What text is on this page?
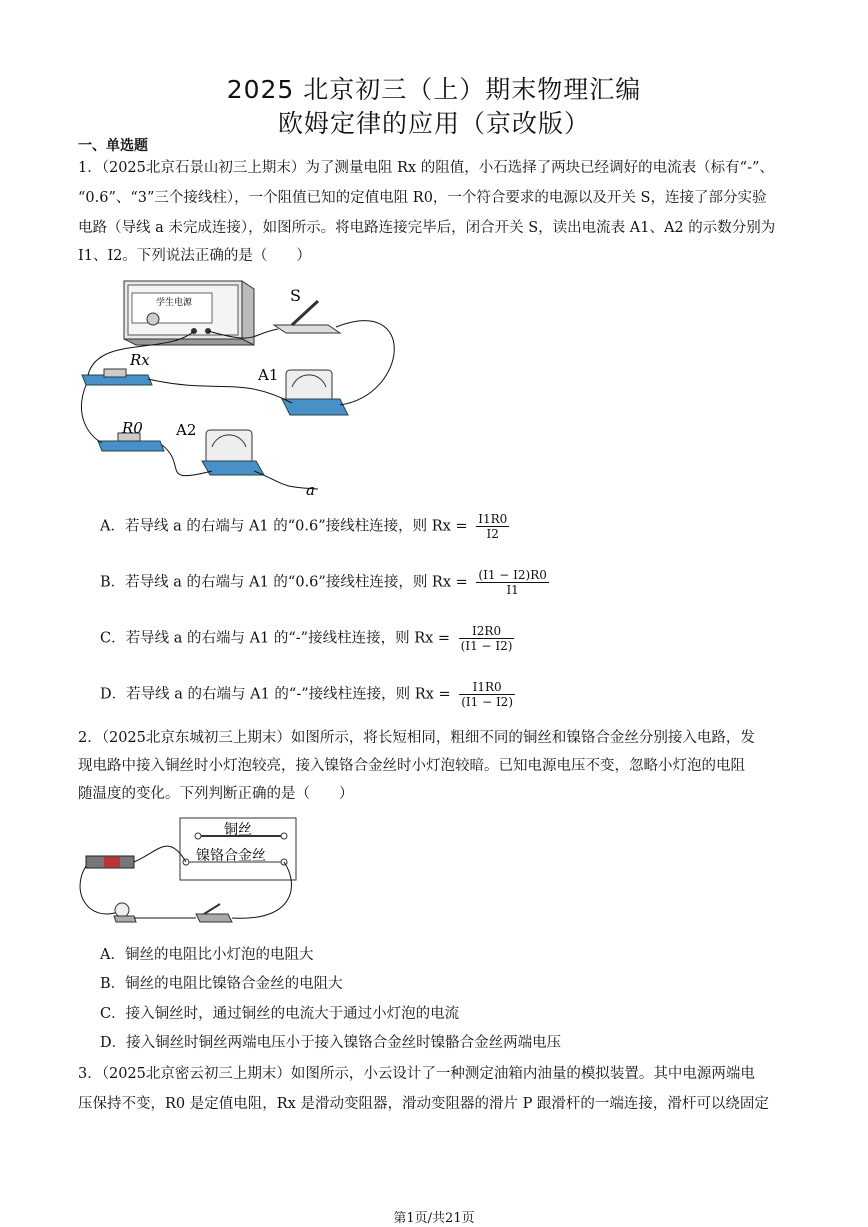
2025 北京初三（上）期末物理汇编
欧姆定律的应用（京改版）
一、单选题
1．（2025北京石景山初三上期末）为了测量电阻 Rx 的阻值，小石选择了两块已经调好的电流表（标有“-”、
“0.6”、“3”三个接线柱），一个阻值已知的定值电阻 R0，一个符合要求的电源以及开关 S，连接了部分实验
电路（导线 a 未完成连接），如图所示。将电路连接完毕后，闭合开关 S，读出电流表 A1、A2 的示数分别为
I1、I2。下列说法正确的是（　　）
学生电源	S
A1
Rx
R0 A2
a
A．若导线 a 的右端与 A1 的“0.6”接线柱连接，则 $Rx = \frac{I1R0}{I2}$
B．若导线 a 的右端与 A1 的“0.6”接线柱连接，则 $Rx = \frac{(I1 - I2)R0}{I1}$
C．若导线 a 的右端与 A1 的“-”接线柱连接，则 $Rx = \frac{I2R0}{(I1 - I2)}$
D．若导线 a 的右端与 A1 的“-”接线柱连接，则 $Rx = \frac{I1R0}{(I1 - I2)}$
2．（2025北京东城初三上期末）如图所示，将长短相同，粗细不同的铜丝和镍铬合金丝分别接入电路，发
现电路中接入铜丝时小灯泡较亮，接入镍铬合金丝时小灯泡较暗。已知电源电压不变，忽略小灯泡的电阻
随温度的变化。下列判断正确的是（　　）
铜丝
镍铬合金丝
A．铜丝的电阻比小灯泡的电阻大
B．铜丝的电阻比镍铬合金丝的电阻大
C．接入铜丝时，通过铜丝的电流大于通过小灯泡的电流
D．接入铜丝时铜丝两端电压小于接入镍铬合金丝时镍骼合金丝两端电压
3．（2025北京密云初三上期末）如图所示，小云设计了一种测定油箱内油量的模拟装置。其中电源两端电
压保持不变，R0 是定值电阻，Rx 是滑动变阻器，滑动变阻器的滑片 P 跟滑杆的一端连接，滑杆可以绕固定
第1页/共21页
